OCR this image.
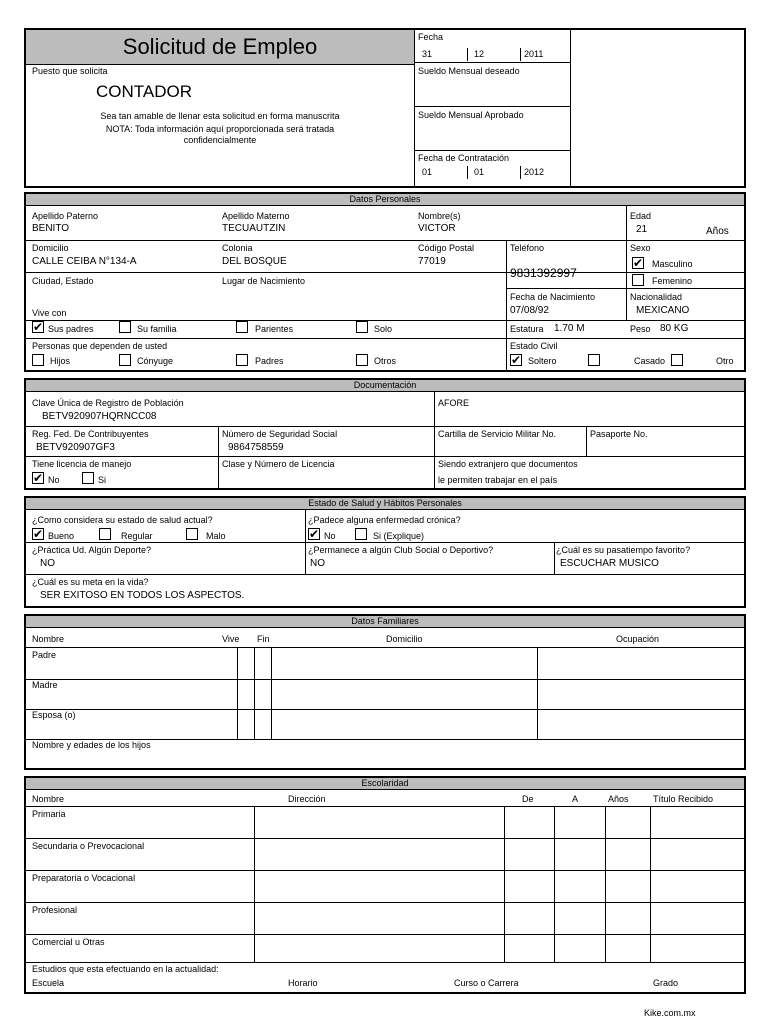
Solicitud de Empleo
Puesto que solicita
CONTADOR
Sea tan amable de llenar esta solicitud en forma manuscrita
NOTA: Toda información aquí proporcionada será tratada
confidencialmente
Fecha
31	12	2011
Sueldo Mensual deseado
Sueldo Mensual Aprobado
Fecha de Contratación
01	01	2012
Datos Personales
Apellido Paterno
BENITO
Apellido Materno
TECUAUTZIN
Nombre(s)
VICTOR
Edad
21	Años
Domicilio
CALLE CEIBA N°134-A
Colonia
DEL BOSQUE
Código Postal
77019
Teléfono
9831392997
Sexo
✔ Masculino
Femenino
Ciudad, Estado	Lugar de Nacimiento
Fecha de Nacimiento
07/08/92
Nacionalidad
MEXICANO
Estatura 1.70 M	Peso 80 KG
Vive con
✔ Sus padres	Su familia	Parientes	Solo
Personas que dependen de usted
Hijos	Cónyuge	Padres	Otros
Estado Civil
✔ Soltero	Casado	Otro
Documentación
Clave Única de Registro de Población
BETV920907HQRNCC08
AFORE
Reg. Fed. De Contribuyentes
BETV920907GF3
Número de Seguridad Social
9864758559
Cartilla de Servicio Militar No.	Pasaporte No.
Tiene licencia de manejo
✔ No	Si
Clase y Número de Licencia	Siendo extranjero que documentos
le permiten trabajar en el país
Estado de Salud y Hábitos Personales
¿Como considera su estado de salud actual?
✔ Bueno	Regular	Malo
¿Padece alguna enfermedad crónica?
✔ No	Si (Explique)
¿Práctica Ud. Algún Deporte?
NO
¿Permanece a algún Club Social o Deportivo?
NO
¿Cuál es su pasatiempo favorito?
ESCUCHAR MUSICO
¿Cuál es su meta en la vida?
SER EXITOSO EN TODOS LOS ASPECTOS.
Datos Familiares
Nombre	Vive Fin	Domicilio	Ocupación
Padre
Madre
Esposa (o)
Nombre y edades de los hijos
Escolaridad
Nombre	Dirección	De	A	Años	Título Recibido
Primaria
Secundaria o Prevocacional
Preparatoria o Vocacional
Profesional
Comercial u Otras
Estudios que esta efectuando en la actualidad:
Escuela	Horario	Curso o Carrera	Grado
Kike.com.mx
